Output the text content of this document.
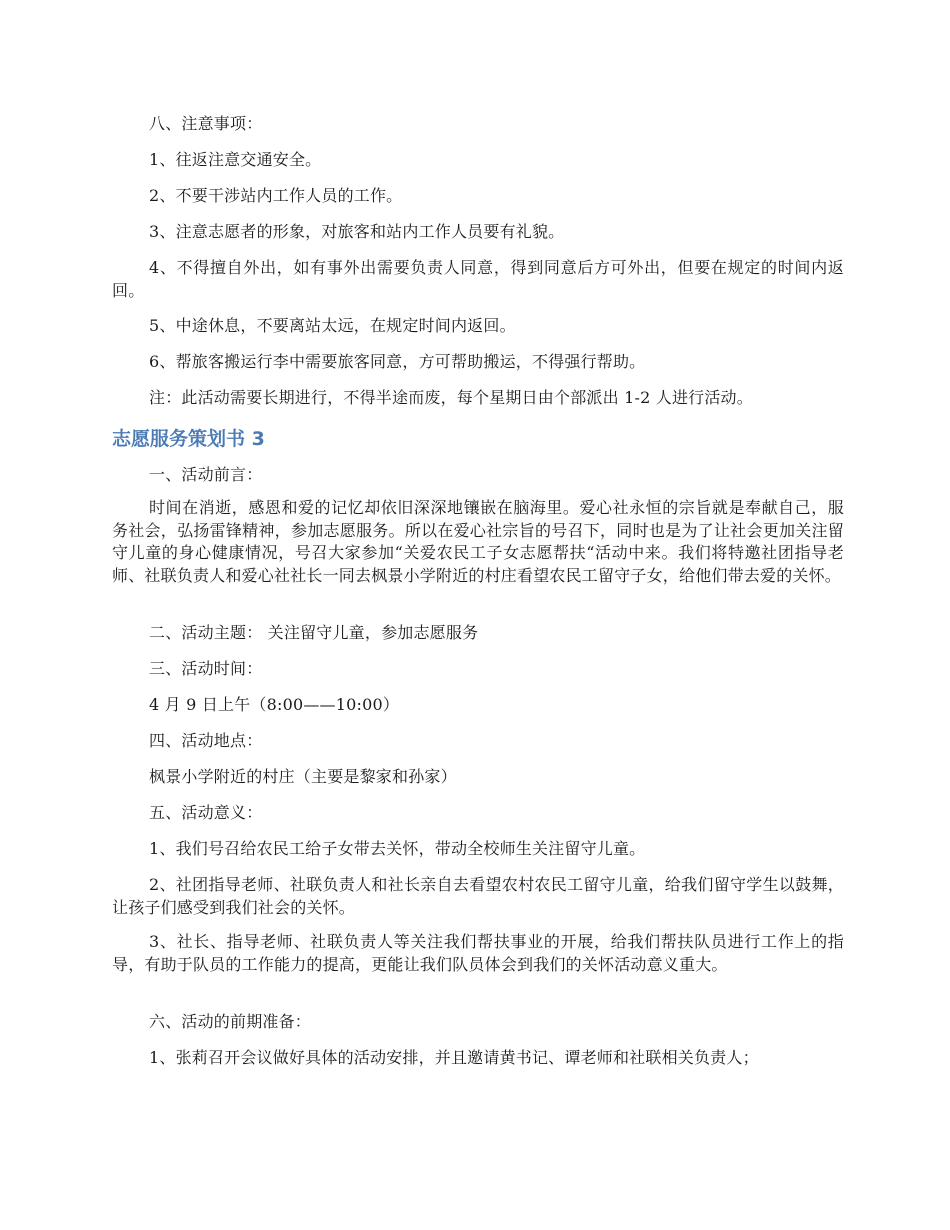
八、注意事项：

1、往返注意交通安全。

2、不要干涉站内工作人员的工作。

3、注意志愿者的形象，对旅客和站内工作人员要有礼貌。

4、不得擅自外出，如有事外出需要负责人同意，得到同意后方可外出，但要在规定的时间内返回。

5、中途休息，不要离站太远，在规定时间内返回。

6、帮旅客搬运行李中需要旅客同意，方可帮助搬运，不得强行帮助。

注：此活动需要长期进行，不得半途而废，每个星期日由个部派出 1-2 人进行活动。

志愿服务策划书 3

一、活动前言：

时间在消逝，感恩和爱的记忆却依旧深深地镶嵌在脑海里。爱心社永恒的宗旨就是奉献自己，服务社会，弘扬雷锋精神，参加志愿服务。所以在爱心社宗旨的号召下，同时也是为了让社会更加关注留守儿童的身心健康情况，号召大家参加“关爱农民工子女志愿帮扶“活动中来。我们将特邀社团指导老师、社联负责人和爱心社社长一同去枫景小学附近的村庄看望农民工留守子女，给他们带去爱的关怀。

二、活动主题： 关注留守儿童，参加志愿服务

三、活动时间：

4 月 9 日上午（8:00——10:00）

四、活动地点：

枫景小学附近的村庄（主要是黎家和孙家）

五、活动意义：

1、我们号召给农民工给子女带去关怀，带动全校师生关注留守儿童。

2、社团指导老师、社联负责人和社长亲自去看望农村农民工留守儿童，给我们留守学生以鼓舞，让孩子们感受到我们社会的关怀。

3、社长、指导老师、社联负责人等关注我们帮扶事业的开展，给我们帮扶队员进行工作上的指导，有助于队员的工作能力的提高，更能让我们队员体会到我们的关怀活动意义重大。

六、活动的前期准备：

1、张莉召开会议做好具体的活动安排，并且邀请黄书记、谭老师和社联相关负责人；
